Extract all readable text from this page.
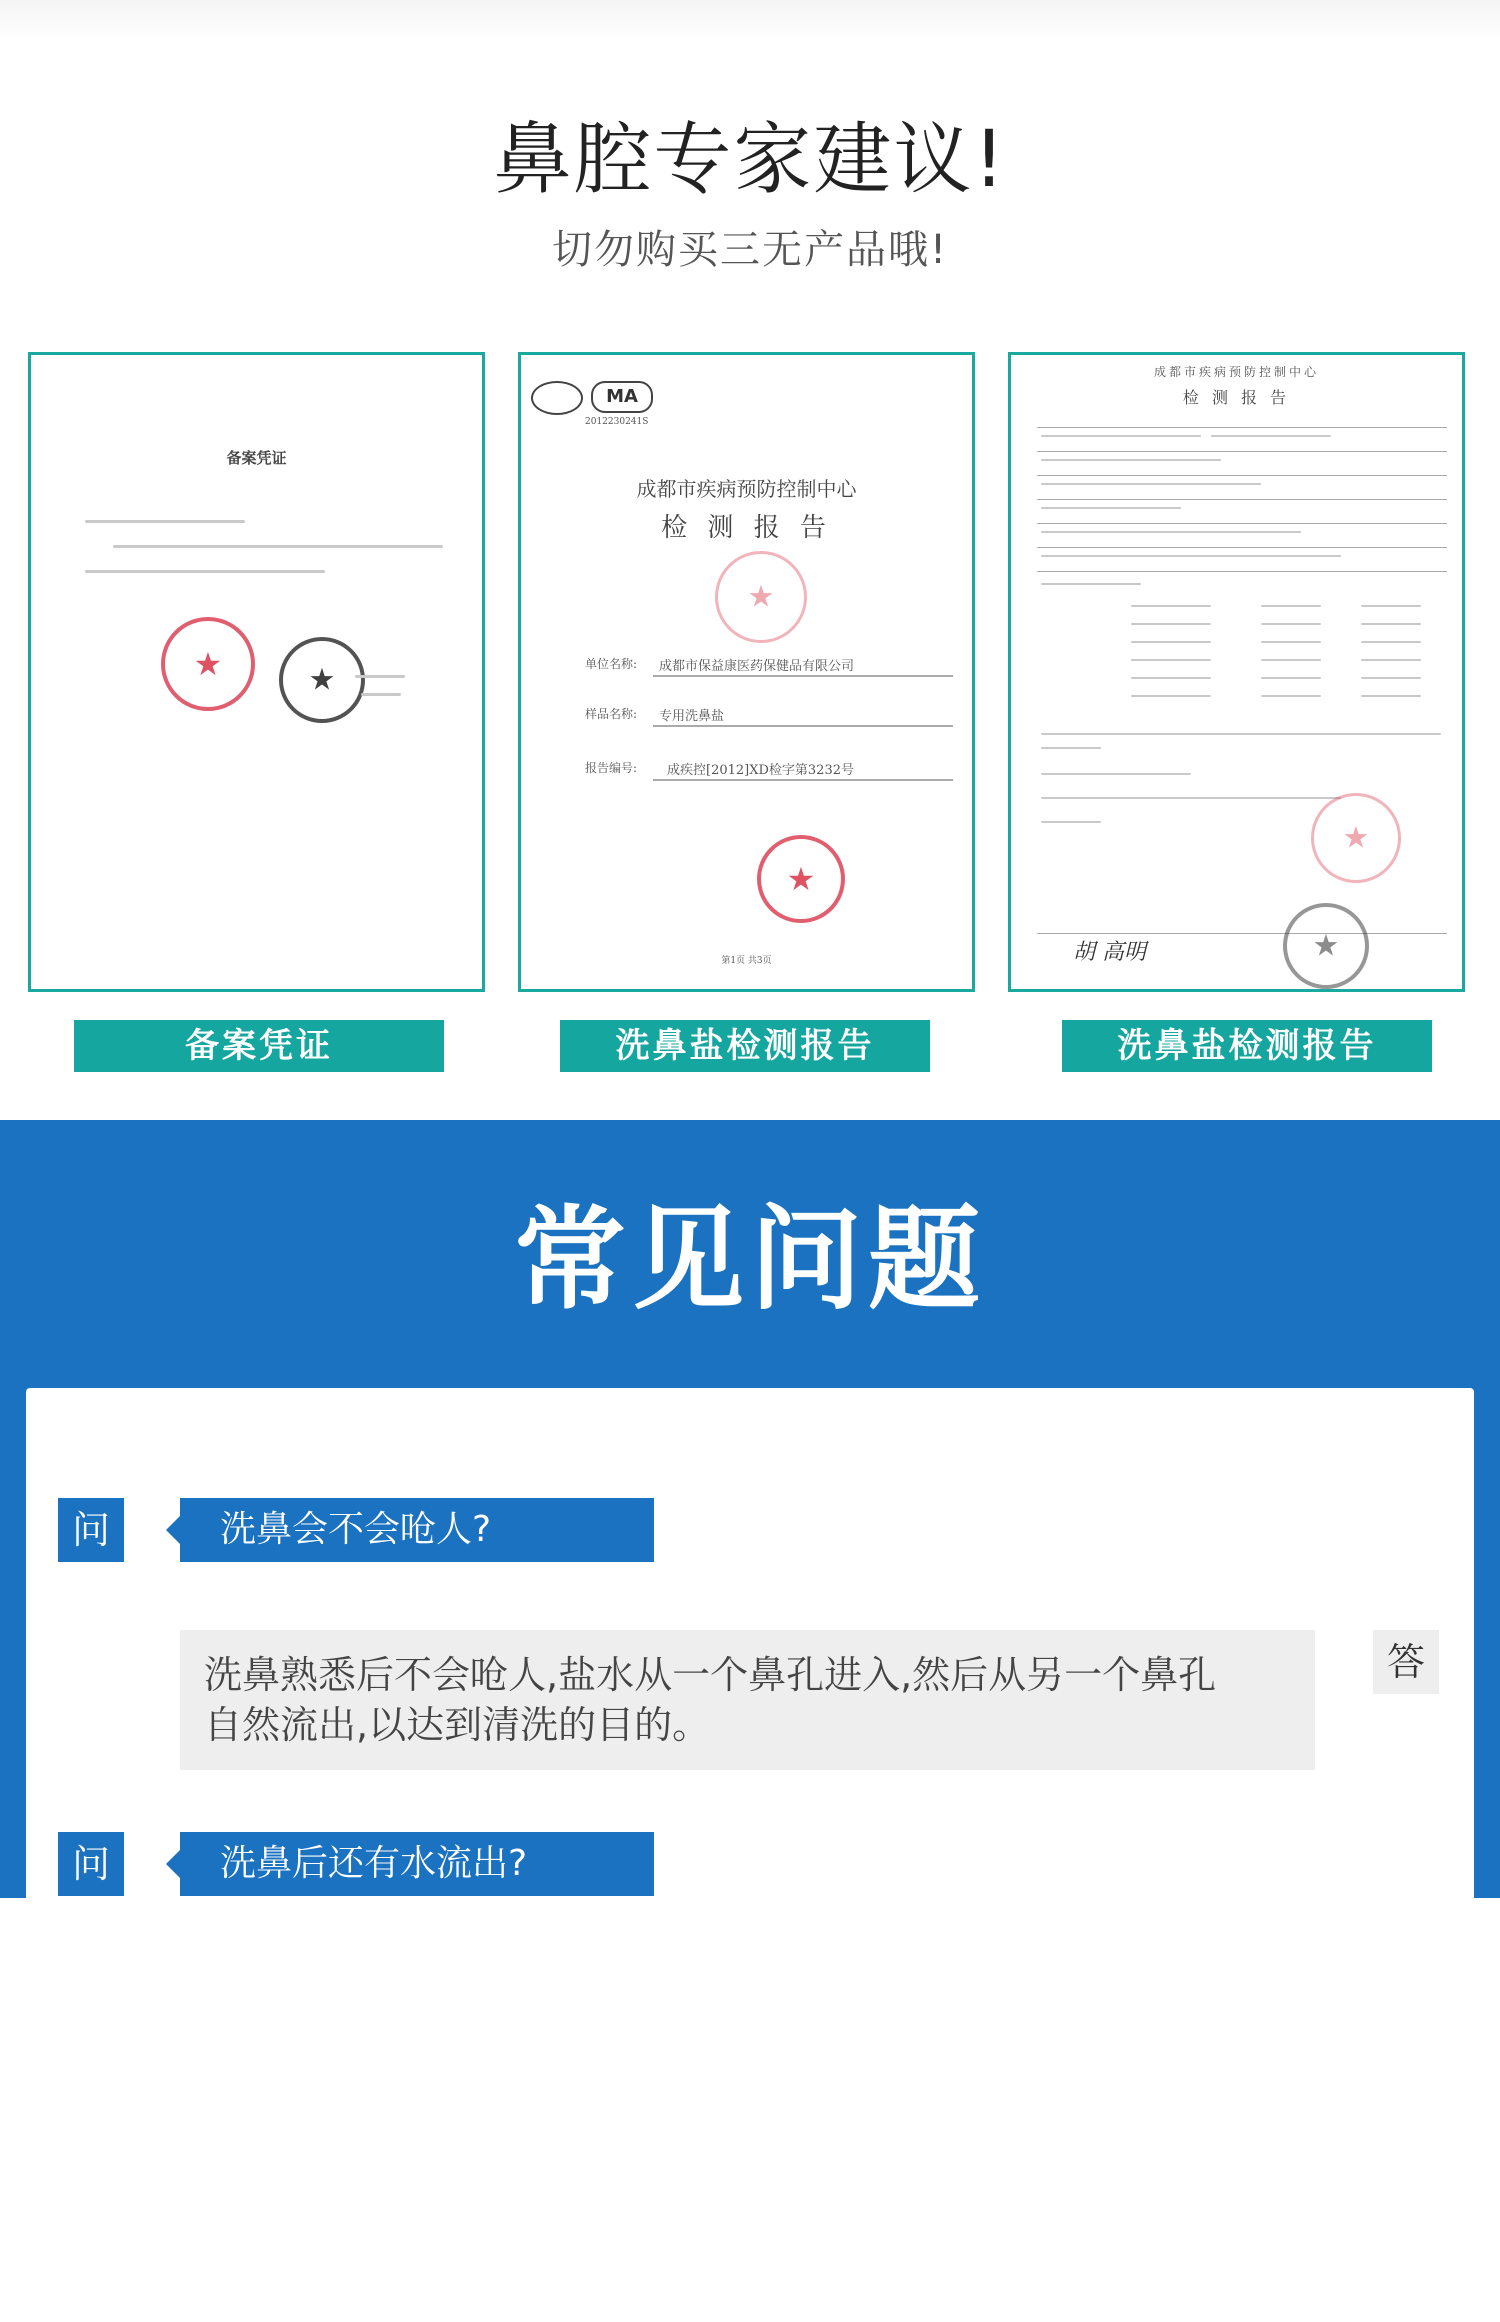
鼻腔专家建议!
切勿购买三无产品哦!
备案凭证
★
★
MA
2012230241S
成都市疾病预防控制中心
检 测 报 告
★
单位名称: 成都市保益康医药保健品有限公司
样品名称: 专用洗鼻盐
报告编号: 成疾控[2012]XD检字第3232号
★
第1页 共3页
成都市疾病预防控制中心
检 测 报 告
★
胡 高明
★
备案凭证	洗鼻盐检测报告	洗鼻盐检测报告
常见问题
问	洗鼻会不会呛人?
洗鼻熟悉后不会呛人,盐水从一个鼻孔进入,然后从另一个鼻孔
自然流出,以达到清洗的目的。
答
问	洗鼻后还有水流出?
